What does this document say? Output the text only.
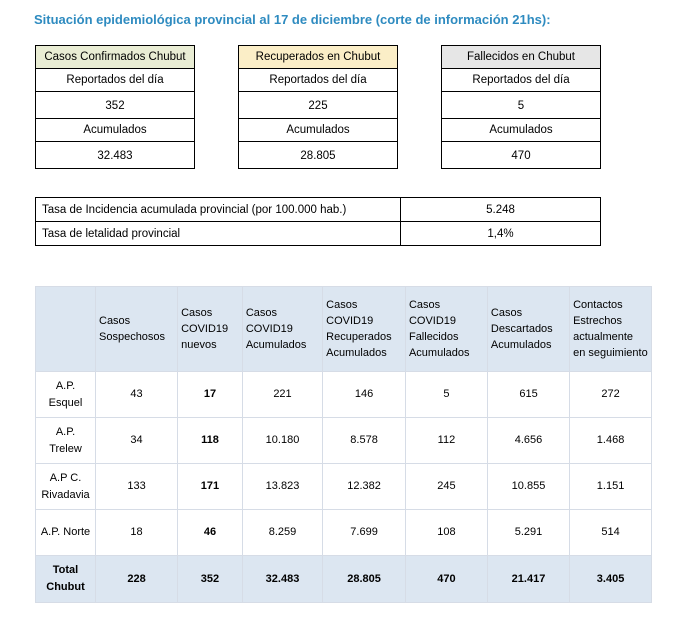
Situación epidemiológica provincial al 17 de diciembre (corte de información 21hs):
Casos Confirmados Chubut
Reportados del día
352
Acumulados
32.483
Recuperados en Chubut
Reportados del día
225
Acumulados
28.805
Fallecidos en Chubut
Reportados del día
5
Acumulados
470
Tasa de Incidencia acumulada provincial (por 100.000 hab.)	5.248
Tasa de letalidad provincial	1,4%
	Casos Sospechosos	Casos COVID19 nuevos	Casos COVID19 Acumulados	Casos COVID19 Recuperados Acumulados	Casos COVID19 Fallecidos Acumulados	Casos Descartados Acumulados	Contactos Estrechos actualmente en seguimiento
A.P. Esquel	43	17	221	146	5	615	272
A.P. Trelew	34	118	10.180	8.578	112	4.656	1.468
A.P C. Rivadavia	133	171	13.823	12.382	245	10.855	1.151
A.P. Norte	18	46	8.259	7.699	108	5.291	514
Total Chubut	228	352	32.483	28.805	470	21.417	3.405
